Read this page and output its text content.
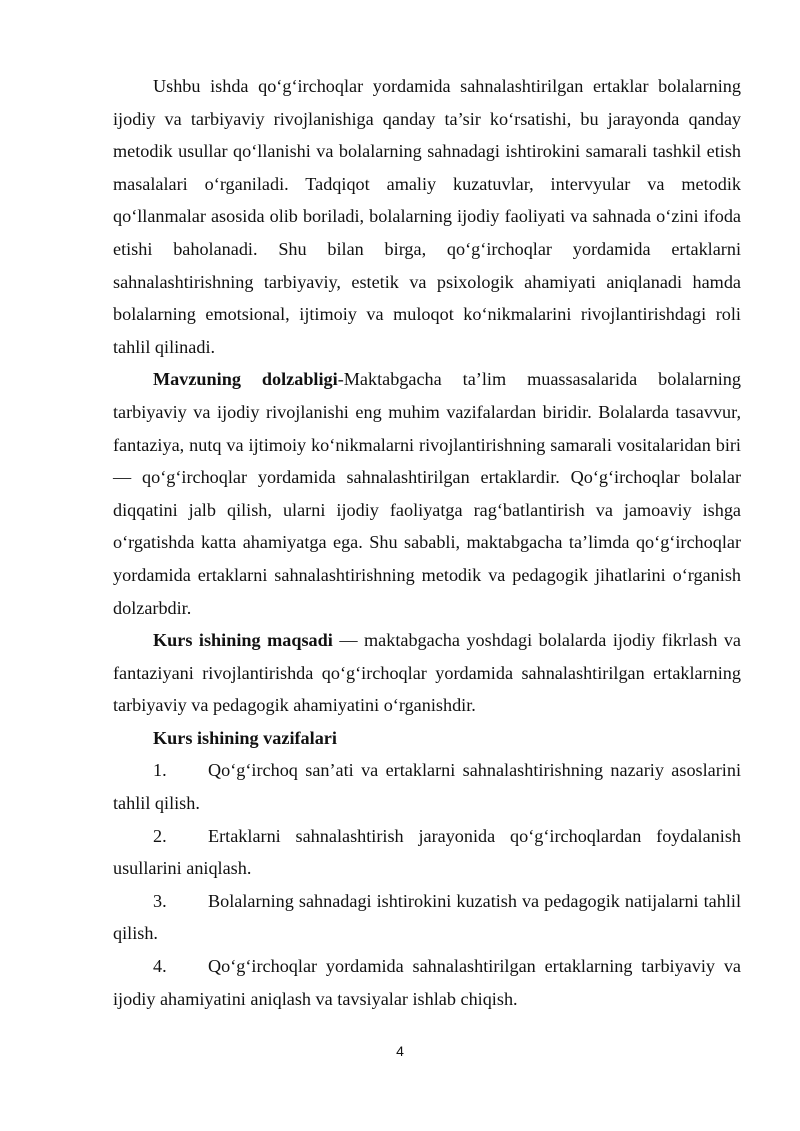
Ushbu ishda qo‘g‘irchoqlar yordamida sahnalashtirilgan ertaklar bolalarning ijodiy va tarbiyaviy rivojlanishiga qanday ta’sir ko‘rsatishi, bu jarayonda qanday metodik usullar qo‘llanishi va bolalarning sahnadagi ishtirokini samarali tashkil etish masalalari o‘rganiladi. Tadqiqot amaliy kuzatuvlar, intervyular va metodik qo‘llanmalar asosida olib boriladi, bolalarning ijodiy faoliyati va sahnada o‘zini ifoda etishi baholanadi. Shu bilan birga, qo‘g‘irchoqlar yordamida ertaklarni sahnalashtirishning tarbiyaviy, estetik va psixologik ahamiyati aniqlanadi hamda bolalarning emotsional, ijtimoiy va muloqot ko‘nikmalarini rivojlantirishdagi roli tahlil qilinadi.

Mavzuning dolzabligi-Maktabgacha ta’lim muassasalarida bolalarning tarbiyaviy va ijodiy rivojlanishi eng muhim vazifalardan biridir. Bolalarda tasavvur, fantaziya, nutq va ijtimoiy ko‘nikmalarni rivojlantirishning samarali vositalaridan biri — qo‘g‘irchoqlar yordamida sahnalashtirilgan ertaklardir. Qo‘g‘irchoqlar bolalar diqqatini jalb qilish, ularni ijodiy faoliyatga rag‘batlantirish va jamoaviy ishga o‘rgatishda katta ahamiyatga ega. Shu sababli, maktabgacha ta’limda qo‘g‘irchoqlar yordamida ertaklarni sahnalashtirishning metodik va pedagogik jihatlarini o‘rganish dolzarbdir.

Kurs ishining maqsadi — maktabgacha yoshdagi bolalarda ijodiy fikrlash va fantaziyani rivojlantirishda qo‘g‘irchoqlar yordamida sahnalashtirilgan ertaklarning tarbiyaviy va pedagogik ahamiyatini o‘rganishdir.

Kurs ishining vazifalari

1. Qo‘g‘irchoq san’ati va ertaklarni sahnalashtirishning nazariy asoslarini tahlil qilish.

2. Ertaklarni sahnalashtirish jarayonida qo‘g‘irchoqlardan foydalanish usullarini aniqlash.

3. Bolalarning sahnadagi ishtirokini kuzatish va pedagogik natijalarni tahlil qilish.

4. Qo‘g‘irchoqlar yordamida sahnalashtirilgan ertaklarning tarbiyaviy va ijodiy ahamiyatini aniqlash va tavsiyalar ishlab chiqish.

4
